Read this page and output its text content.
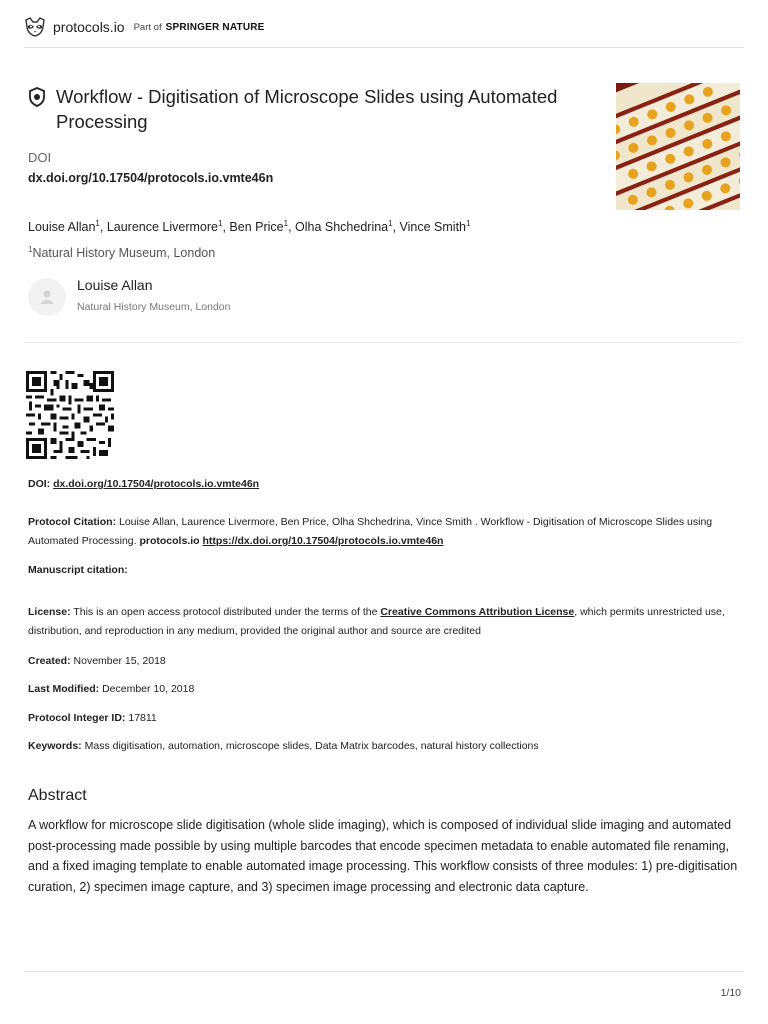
protocols.io Part of SPRINGER NATURE
Workflow - Digitisation of Microscope Slides using Automated Processing
DOI
dx.doi.org/10.17504/protocols.io.vmte46n
Louise Allan$^1$, Laurence Livermore$^1$, Ben Price$^1$, Olha Shchedrina$^1$, Vince Smith$^1$
$^1$Natural History Museum, London
Louise Allan
Natural History Museum, London
DOI: dx.doi.org/10.17504/protocols.io.vmte46n
Protocol Citation: Louise Allan, Laurence Livermore, Ben Price, Olha Shchedrina, Vince Smith . Workflow - Digitisation of Microscope Slides using Automated Processing. protocols.io https://dx.doi.org/10.17504/protocols.io.vmte46n
Manuscript citation:
License: This is an open access protocol distributed under the terms of the Creative Commons Attribution License, which permits unrestricted use, distribution, and reproduction in any medium, provided the original author and source are credited
Created: November 15, 2018
Last Modified: December 10, 2018
Protocol Integer ID: 17811
Keywords: Mass digitisation, automation, microscope slides, Data Matrix barcodes, natural history collections
Abstract
A workflow for microscope slide digitisation (whole slide imaging), which is composed of individual slide imaging and automated post-processing made possible by using multiple barcodes that encode specimen metadata to enable automated file renaming, and a fixed imaging template to enable automated image processing. This workflow consists of three modules: 1) pre-digitisation curation, 2) specimen image capture, and 3) specimen image processing and electronic data capture.
1/10
